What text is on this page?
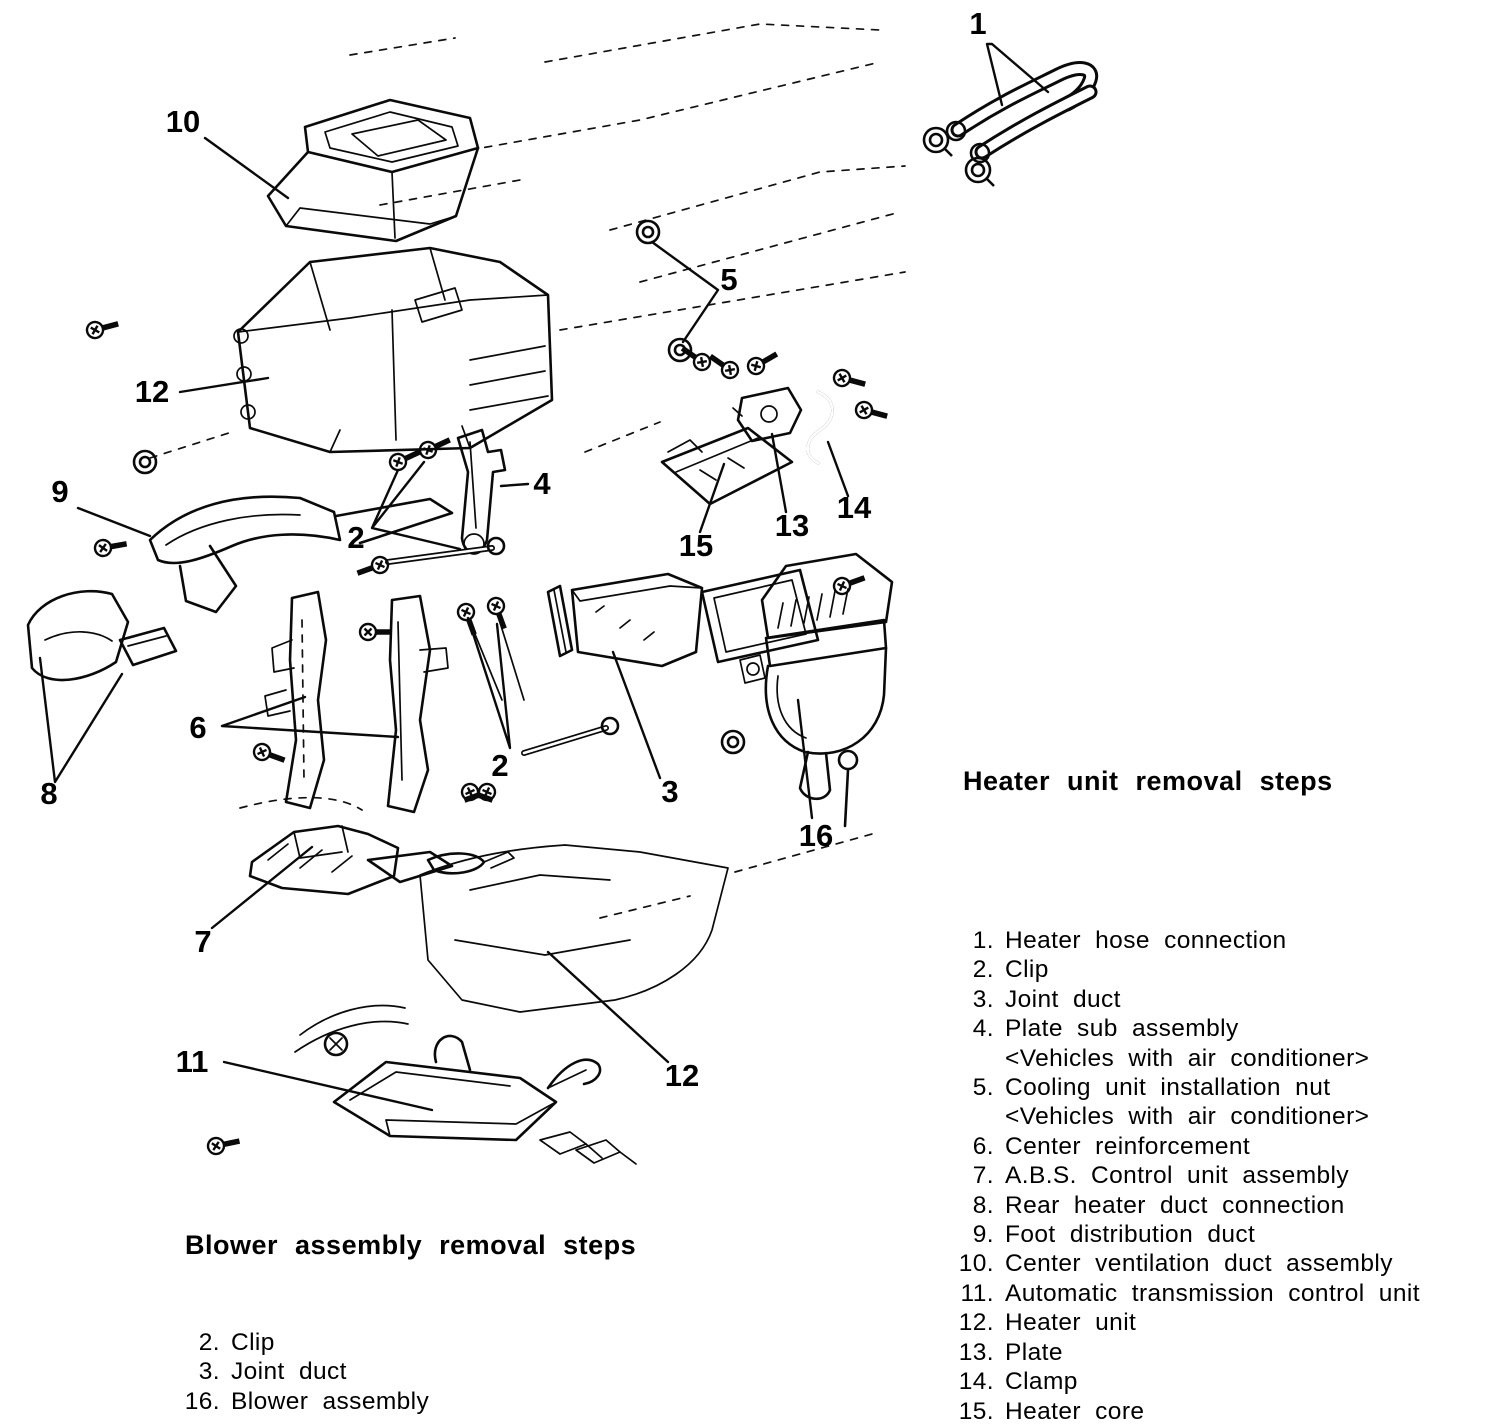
1
10
12
5
15
13
14
9	4
2
8
6
2
3
16
7
12
11
Heater unit removal steps
1. Heater hose connection
2. Clip
3. Joint duct
4. Plate sub assembly
<Vehicles with air conditioner>
5. Cooling unit installation nut
<Vehicles with air conditioner>
6. Center reinforcement
7. A.B.S. Control unit assembly
8. Rear heater duct connection
9. Foot distribution duct
10. Center ventilation duct assembly
11. Automatic transmission control unit
12. Heater unit
13. Plate
14. Clamp
15. Heater core
Blower assembly removal steps
2. Clip
3. Joint duct
16. Blower assembly
